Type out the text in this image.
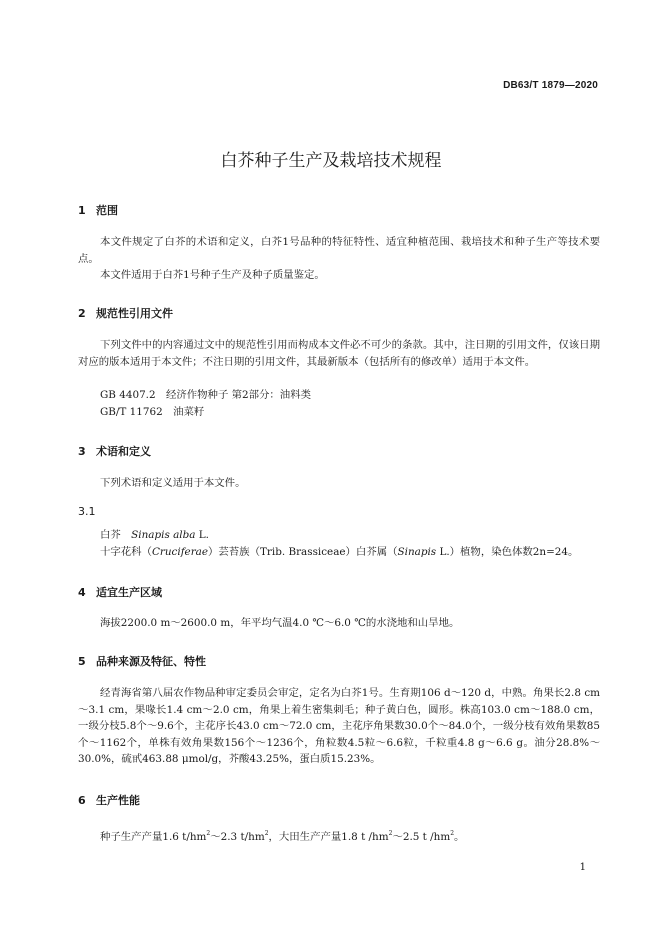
DB63/T 1879—2020
白芥种子生产及栽培技术规程
1 范围
本文件规定了白芥的术语和定义，白芥1号品种的特征特性、适宜种植范围、栽培技术和种子生产等技术要点。
本文件适用于白芥1号种子生产及种子质量鉴定。
2 规范性引用文件
下列文件中的内容通过文中的规范性引用而构成本文件必不可少的条款。其中，注日期的引用文件，仅该日期对应的版本适用于本文件；不注日期的引用文件，其最新版本（包括所有的修改单）适用于本文件。
GB 4407.2　经济作物种子 第2部分：油料类
GB/T 11762　油菜籽
3 术语和定义
下列术语和定义适用于本文件。
3.1
白芥　 Sinapis alba L.
十字花科（Cruciferae）芸苔族（Trib. Brassiceae）白芥属（Sinapis L.）植物，染色体数2n=24。
4 适宜生产区域
海拔2200.0 m～2600.0 m，年平均气温4.0 ℃～6.0 ℃的水浇地和山旱地。
5 品种来源及特征、特性
经青海省第八届农作物品种审定委员会审定，定名为白芥1号。生育期106 d～120 d，中熟。角果长2.8 cm～3.1 cm，果喙长1.4 cm～2.0 cm，角果上着生密集刺毛；种子黄白色，圆形。株高103.0 cm～188.0 cm，一级分枝5.8个～9.6个，主花序长43.0 cm～72.0 cm，主花序角果数30.0个～84.0个，一级分枝有效角果数85个～1162个，单株有效角果数156个～1236个，角粒数4.5粒～6.6粒，千粒重4.8 g～6.6 g。油分28.8%～30.0%，硫甙463.88 μmol/g，芥酸43.25%，蛋白质15.23%。
6 生产性能
种子生产产量1.6 $t/hm^2\sim 2.3$ $t/hm^2$，大田生产产量1.8 t $/hm^2\sim 2.5$ t $/hm^2$。
1
